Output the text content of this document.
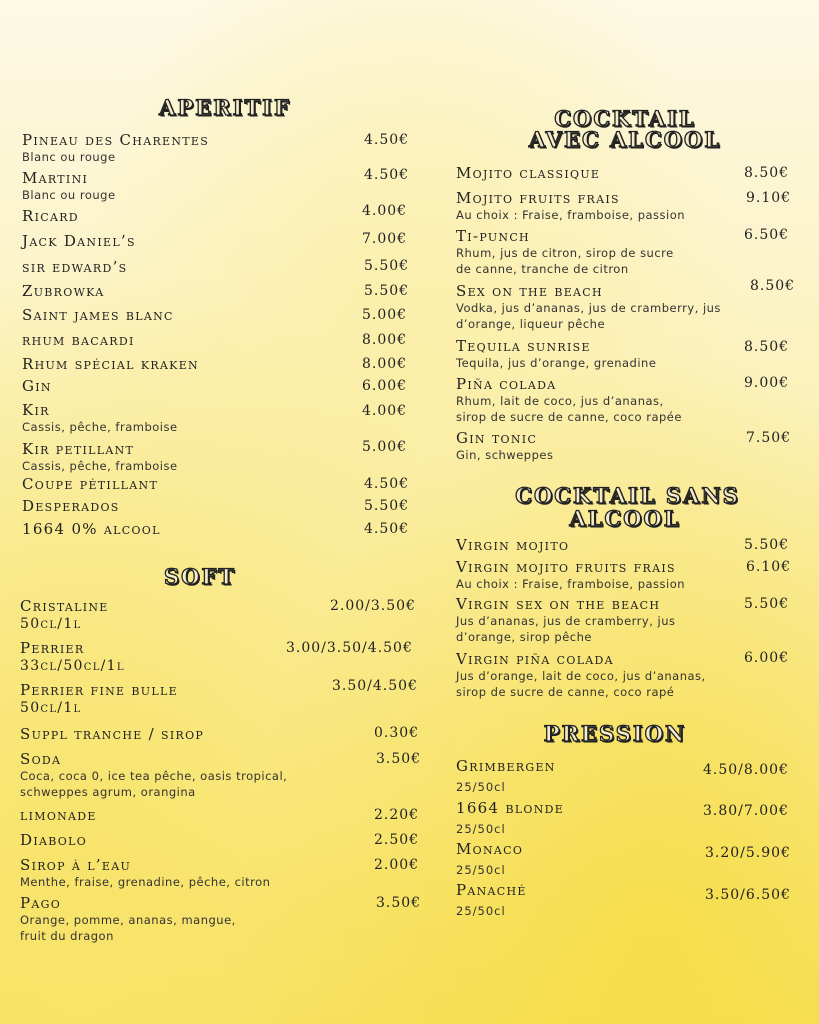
APERITIF
Pineau des Charentes
Blanc ou rouge
4.50€
Martini
Blanc ou rouge
4.50€
Ricard	4.00€
Jack Daniel’s	7.00€
sir edward’s	5.50€
Zubrowka	5.50€
Saint james blanc	5.00€
rhum bacardi	8.00€
Rhum spécial kraken	8.00€
Gin	6.00€
Kir
Cassis, pêche, framboise
4.00€
Kir petillant
Cassis, pêche, framboise
5.00€
Coupe pétillant	4.50€
Desperados	5.50€
1664 0% alcool	4.50€
SOFT
Cristaline
50cl/1l
2.00/3.50€
Perrier
33cl/50cl/1l
3.00/3.50/4.50€
Perrier fine bulle
50cl/1l
3.50/4.50€
Suppl tranche / sirop	0.30€
Soda
Coca, coca 0, ice tea pêche, oasis tropical,
schweppes agrum, orangina
3.50€
limonade	2.20€
Diabolo	2.50€
Sirop à l’eau
Menthe, fraise, grenadine, pêche, citron
2.00€
Pago
Orange, pomme, ananas, mangue,
fruit du dragon
3.50€
COCKTAIL
AVEC ALCOOL
Mojito classique	8.50€
Mojito fruits frais
Au choix : Fraise, framboise, passion
9.10€
Ti-punch
Rhum, jus de citron, sirop de sucre
de canne, tranche de citron
6.50€
Sex on the beach
Vodka, jus d’ananas, jus de cramberry, jus
d’orange, liqueur pêche
8.50€
Tequila sunrise
Tequila, jus d’orange, grenadine
8.50€
Piña colada
Rhum, lait de coco, jus d’ananas,
sirop de sucre de canne, coco rapée
9.00€
Gin tonic
Gin, schweppes
7.50€
COCKTAIL SANS
ALCOOL
Virgin mojito	5.50€
Virgin mojito fruits frais
Au choix : Fraise, framboise, passion
6.10€
Virgin sex on the beach
Jus d’ananas, jus de cramberry, jus
d’orange, sirop pêche
5.50€
Virgin piña colada
Jus d’orange, lait de coco, jus d’ananas,
sirop de sucre de canne, coco rapé
6.00€
PRESSION
Grimbergen
25/50cl
4.50/8.00€
1664 blonde
25/50cl
3.80/7.00€
Monaco
25/50cl
3.20/5.90€
Panaché
25/50cl
3.50/6.50€
